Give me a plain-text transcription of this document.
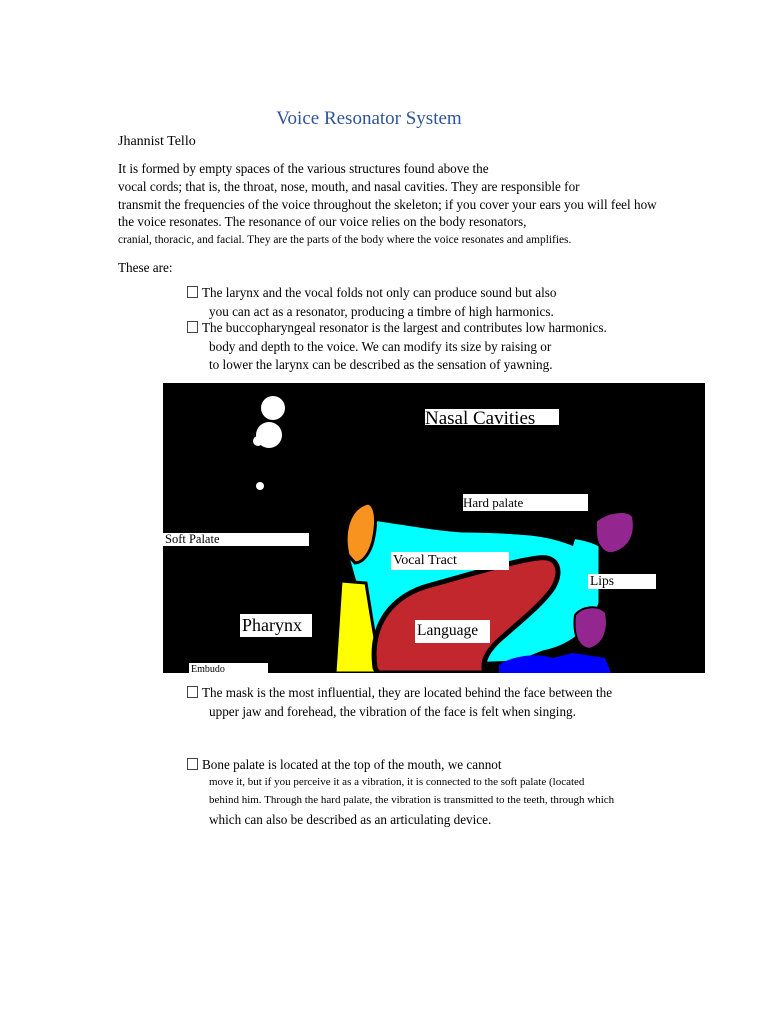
Voice Resonator System
Jhannist Tello
It is formed by empty spaces of the various structures found above the
vocal cords; that is, the throat, nose, mouth, and nasal cavities. They are responsible for
transmit the frequencies of the voice throughout the skeleton; if you cover your ears you will feel how
the voice resonates. The resonance of our voice relies on the body resonators,
cranial, thoracic, and facial. They are the parts of the body where the voice resonates and amplifies.
These are:
The larynx and the vocal folds not only can produce sound but also
you can act as a resonator, producing a timbre of high harmonics.
The buccopharyngeal resonator is the largest and contributes low harmonics.
body and depth to the voice. We can modify its size by raising or
to lower the larynx can be described as the sensation of yawning.
Nasal Cavities
Hard palate
Soft Palate
Vocal Tract
Lips
Pharynx	Language
Embudo
The mask is the most influential, they are located behind the face between the
upper jaw and forehead, the vibration of the face is felt when singing.
Bone palate is located at the top of the mouth, we cannot
move it, but if you perceive it as a vibration, it is connected to the soft palate (located
behind him. Through the hard palate, the vibration is transmitted to the teeth, through which
which can also be described as an articulating device.
